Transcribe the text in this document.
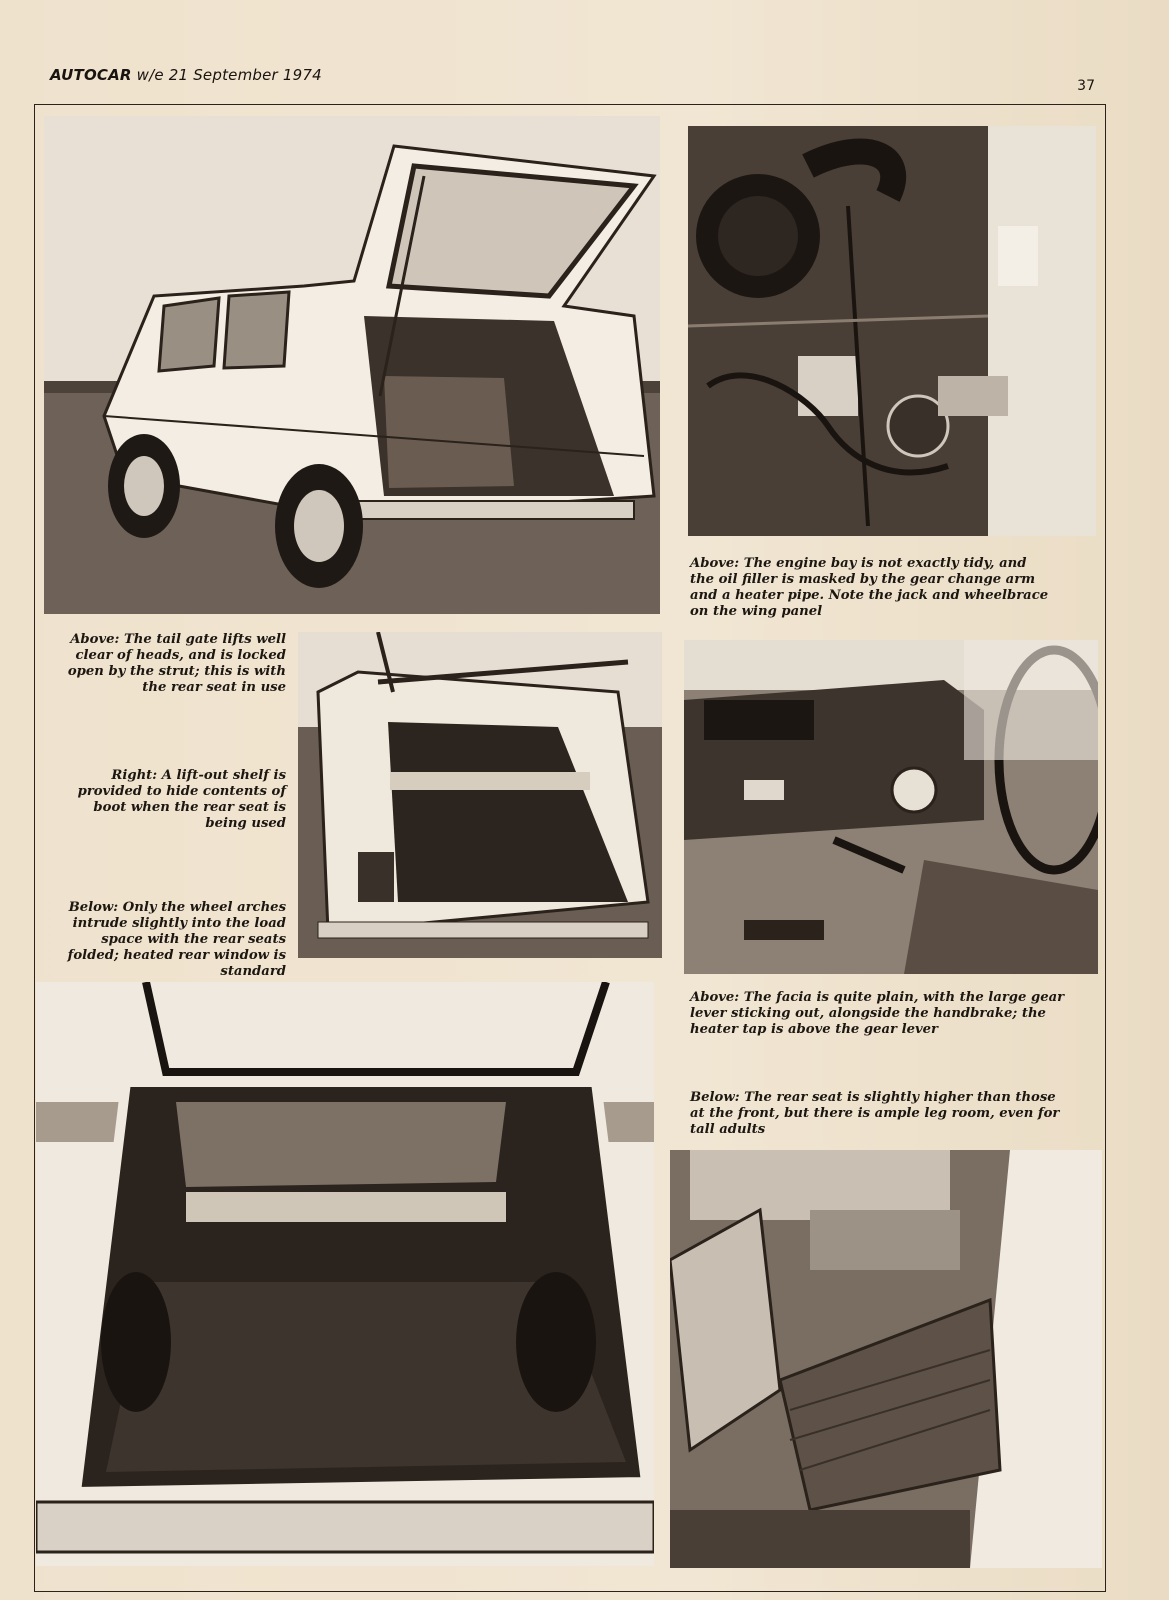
AUTOCAR w/e 21 September 1974
37
Above: The engine bay is not exactly tidy, and the oil filler is masked by the gear change arm and a heater pipe. Note the jack and wheelbrace on the wing panel
Above: The tail gate lifts well clear of heads, and is locked open by the strut; this is with the rear seat in use
Right: A lift-out shelf is provided to hide contents of boot when the rear seat is being used
Below: Only the wheel arches intrude slightly into the load space with the rear seats folded; heated rear window is standard
Above: The facia is quite plain, with the large gear lever sticking out, alongside the handbrake; the heater tap is above the gear lever
Below: The rear seat is slightly higher than those at the front, but there is ample leg room, even for tall adults
